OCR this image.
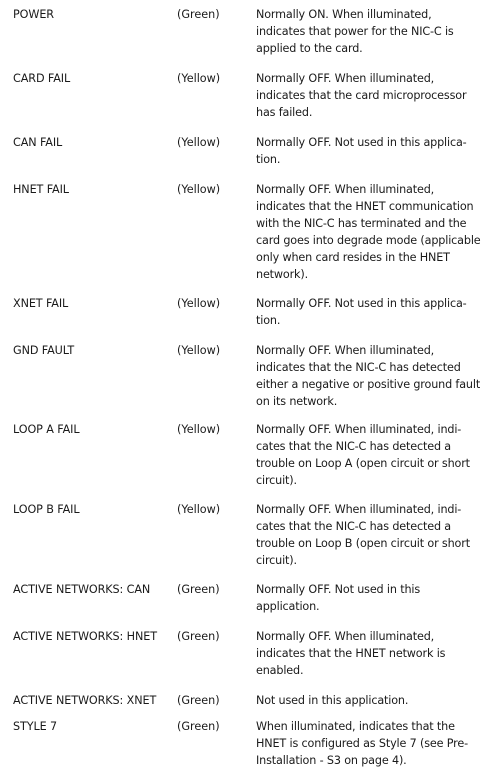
POWER	(Green)	Normally ON. When illuminated,
indicates that power for the NIC-C is
applied to the card.
CARD FAIL	(Yellow)	Normally OFF. When illuminated,
indicates that the card microprocessor
has failed.
CAN FAIL	(Yellow)	Normally OFF. Not used in this applica-
tion.
HNET FAIL	(Yellow)	Normally OFF. When illuminated,
indicates that the HNET communication
with the NIC-C has terminated and the
card goes into degrade mode (applicable
only when card resides in the HNET
network).
XNET FAIL	(Yellow)	Normally OFF. Not used in this applica-
tion.
GND FAULT	(Yellow)	Normally OFF. When illuminated,
indicates that the NIC-C has detected
either a negative or positive ground fault
on its network.
LOOP A FAIL	(Yellow)	Normally OFF. When illuminated, indi-
cates that the NIC-C has detected a
trouble on Loop A (open circuit or short
circuit).
LOOP B FAIL	(Yellow)	Normally OFF. When illuminated, indi-
cates that the NIC-C has detected a
trouble on Loop B (open circuit or short
circuit).
ACTIVE NETWORKS: CAN	(Green)	Normally OFF. Not used in this
application.
ACTIVE NETWORKS: HNET	(Green)	Normally OFF. When illuminated,
indicates that the HNET network is
enabled.
ACTIVE NETWORKS: XNET	(Green)	Not used in this application.
STYLE 7	(Green)	When illuminated, indicates that the
HNET is configured as Style 7 (see Pre-
Installation - S3 on page 4).
